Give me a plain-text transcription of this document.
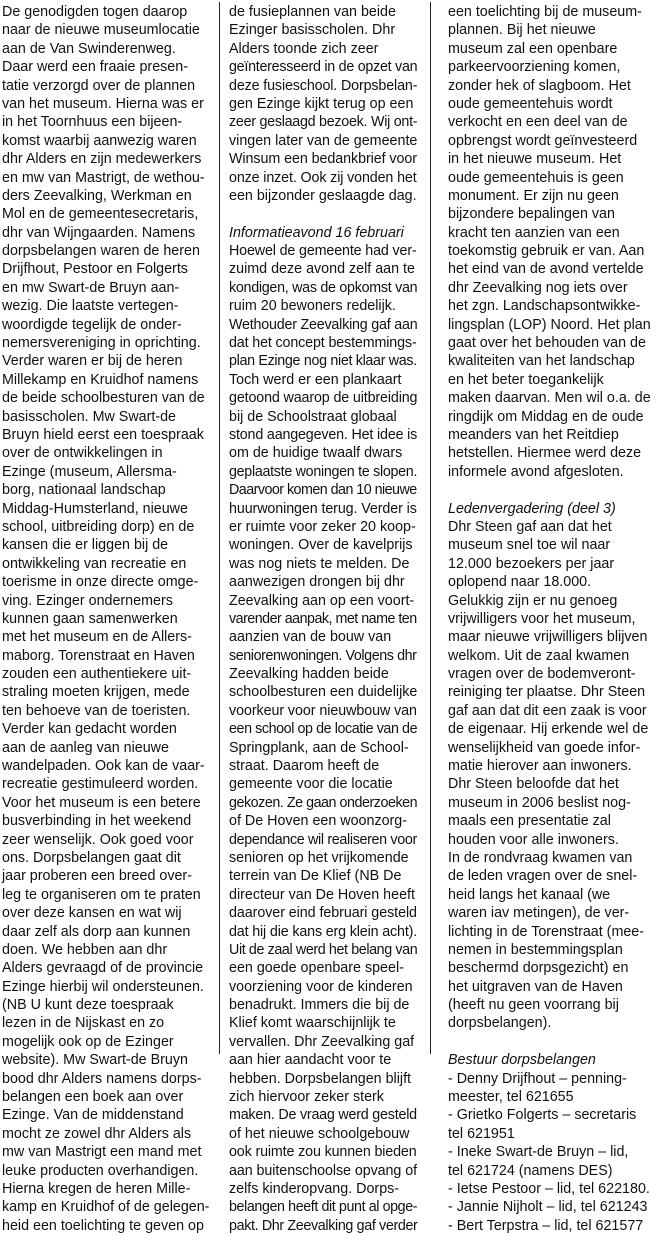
De genodigden togen daarop
naar de nieuwe museumlocatie
aan de Van Swinderenweg.
Daar werd een fraaie presen-
tatie verzorgd over de plannen
van het museum. Hierna was er
in het Toornhuus een bijeen-
komst waarbij aanwezig waren
dhr Alders en zijn medewerkers
en mw van Mastrigt, de wethou-
ders Zeevalking, Werkman en
Mol en de gemeentesecretaris,
dhr van Wijngaarden. Namens
dorpsbelangen waren de heren
Drijfhout, Pestoor en Folgerts
en mw Swart-de Bruyn aan-
wezig. Die laatste vertegen-
woordigde tegelijk de onder-
nemersvereniging in oprichting.
Verder waren er bij de heren
Millekamp en Kruidhof namens
de beide schoolbesturen van de
basisscholen. Mw Swart-de
Bruyn hield eerst een toespraak
over de ontwikkelingen in
Ezinge (museum, Allersma-
borg, nationaal landschap
Middag-Humsterland, nieuwe
school, uitbreiding dorp) en de
kansen die er liggen bij de
ontwikkeling van recreatie en
toerisme in onze directe omge-
ving. Ezinger ondernemers
kunnen gaan samenwerken
met het museum en de Allers-
maborg. Torenstraat en Haven
zouden een authentiekere uit-
straling moeten krijgen, mede
ten behoeve van de toeristen.
Verder kan gedacht worden
aan de aanleg van nieuwe
wandelpaden. Ook kan de vaar-
recreatie gestimuleerd worden.
Voor het museum is een betere
busverbinding in het weekend
zeer wenselijk. Ook goed voor
ons. Dorpsbelangen gaat dit
jaar proberen een breed over-
leg te organiseren om te praten
over deze kansen en wat wij
daar zelf als dorp aan kunnen
doen. We hebben aan dhr
Alders gevraagd of de provincie
Ezinge hierbij wil ondersteunen.
(NB U kunt deze toespraak
lezen in de Nijskast en zo
mogelijk ook op de Ezinger
website). Mw Swart-de Bruyn
bood dhr Alders namens dorps-
belangen een boek aan over
Ezinge. Van de middenstand
mocht ze zowel dhr Alders als
mw van Mastrigt een mand met
leuke producten overhandigen.
Hierna kregen de heren Mille-
kamp en Kruidhof of de gelegen-
heid een toelichting te geven op
de fusieplannen van beide
Ezinger basisscholen. Dhr
Alders toonde zich zeer
geïnteresseerd in de opzet van
deze fusieschool. Dorpsbelan-
gen Ezinge kijkt terug op een
zeer geslaagd bezoek. Wij ont-
vingen later van de gemeente
Winsum een bedankbrief voor
onze inzet. Ook zij vonden het
een bijzonder geslaagde dag.
Informatieavond 16 februari
Hoewel de gemeente had ver-
zuimd deze avond zelf aan te
kondigen, was de opkomst van
ruim 20 bewoners redelijk.
Wethouder Zeevalking gaf aan
dat het concept bestemmings-
plan Ezinge nog niet klaar was.
Toch werd er een plankaart
getoond waarop de uitbreiding
bij de Schoolstraat globaal
stond aangegeven. Het idee is
om de huidige twaalf dwars
geplaatste woningen te slopen.
Daarvoor komen dan 10 nieuwe
huurwoningen terug. Verder is
er ruimte voor zeker 20 koop-
woningen. Over de kavelprijs
was nog niets te melden. De
aanwezigen drongen bij dhr
Zeevalking aan op een voort-
varender aanpak, met name ten
aanzien van de bouw van
seniorenwoningen. Volgens dhr
Zeevalking hadden beide
schoolbesturen een duidelijke
voorkeur voor nieuwbouw van
een school op de locatie van de
Springplank, aan de School-
straat. Daarom heeft de
gemeente voor die locatie
gekozen. Ze gaan onderzoeken
of De Hoven een woonzorg-
dependance wil realiseren voor
senioren op het vrijkomende
terrein van De Klief (NB De
directeur van De Hoven heeft
daarover eind februari gesteld
dat hij die kans erg klein acht).
Uit de zaal werd het belang van
een goede openbare speel-
voorziening voor de kinderen
benadrukt. Immers die bij de
Klief komt waarschijnlijk te
vervallen. Dhr Zeevalking gaf
aan hier aandacht voor te
hebben. Dorpsbelangen blijft
zich hiervoor zeker sterk
maken. De vraag werd gesteld
of het nieuwe schoolgebouw
ook ruimte zou kunnen bieden
aan buitenschoolse opvang of
zelfs kinderopvang. Dorps-
belangen heeft dit punt al opge-
pakt. Dhr Zeevalking gaf verder
een toelichting bij de museum-
plannen. Bij het nieuwe
museum zal een openbare
parkeervoorziening komen,
zonder hek of slagboom. Het
oude gemeentehuis wordt
verkocht en een deel van de
opbrengst wordt geïnvesteerd
in het nieuwe museum. Het
oude gemeentehuis is geen
monument. Er zijn nu geen
bijzondere bepalingen van
kracht ten aanzien van een
toekomstig gebruik er van. Aan
het eind van de avond vertelde
dhr Zeevalking nog iets over
het zgn. Landschapsontwikke-
lingsplan (LOP) Noord. Het plan
gaat over het behouden van de
kwaliteiten van het landschap
en het beter toegankelijk
maken daarvan. Men wil o.a. de
ringdijk om Middag en de oude
meanders van het Reitdiep
hetstellen. Hiermee werd deze
informele avond afgesloten.
Ledenvergadering (deel 3)
Dhr Steen gaf aan dat het
museum snel toe wil naar
12.000 bezoekers per jaar
oplopend naar 18.000.
Gelukkig zijn er nu genoeg
vrijwilligers voor het museum,
maar nieuwe vrijwilligers blijven
welkom. Uit de zaal kwamen
vragen over de bodemveront-
reiniging ter plaatse. Dhr Steen
gaf aan dat dit een zaak is voor
de eigenaar. Hij erkende wel de
wenselijkheid van goede infor-
matie hierover aan inwoners.
Dhr Steen beloofde dat het
museum in 2006 beslist nog-
maals een presentatie zal
houden voor alle inwoners.
In de rondvraag kwamen van
de leden vragen over de snel-
heid langs het kanaal (we
waren iav metingen), de ver-
lichting in de Torenstraat (mee-
nemen in bestemmingsplan
beschermd dorpsgezicht) en
het uitgraven van de Haven
(heeft nu geen voorrang bij
dorpsbelangen).
Bestuur dorpsbelangen
- Denny Drijfhout – penning-
meester, tel 621655
- Grietko Folgerts – secretaris
tel 621951
- Ineke Swart-de Bruyn – lid,
tel 621724 (namens DES)
- Ietse Pestoor – lid, tel 622180.
- Jannie Nijholt – lid, tel 621243
- Bert Terpstra – lid, tel 621577
